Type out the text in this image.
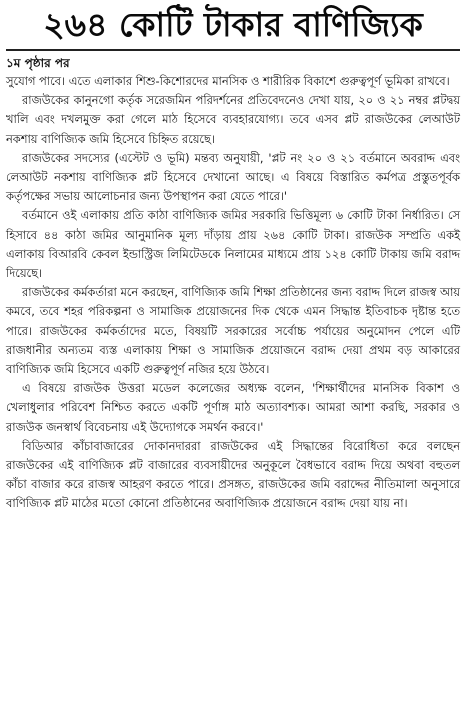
২৬৪ কোটি টাকার বাণিজ্যিক

১ম পৃষ্ঠার পর

সুযোগ পাবে। এতে এলাকার শিশু-কিশোরদের মানসিক ও শারীরিক বিকাশে গুরুত্বপূর্ণ ভূমিকা রাখবে।

রাজউকের কানুনগো কর্তৃক সরেজমিন পরিদর্শনের প্রতিবেদনেও দেখা যায়, ২০ ও ২১ নম্বর প্লটদ্বয় খালি এবং দখলমুক্ত করা গেলে মাঠ হিসেবে ব্যবহারযোগ্য। তবে এসব প্লট রাজউকের লেআউট নকশায় বাণিজ্যিক জমি হিসেবে চিহ্নিত রয়েছে।

রাজউকের সদস্যের (এস্টেট ও ভূমি) মন্তব্য অনুযায়ী, 'প্লট নং ২০ ও ২১ বর্তমানে অবরাদ্দ এবং লেআউট নকশায় বাণিজ্যিক প্লট হিসেবে দেখানো আছে। এ বিষয়ে বিস্তারিত কর্মপত্র প্রস্তুতপূর্বক কর্তৃপক্ষের সভায় আলোচনার জন্য উপস্থাপন করা যেতে পারে।'

বর্তমানে ওই এলাকায় প্রতি কাঠা বাণিজ্যিক জমির সরকারি ভিত্তিমূল্য ৬ কোটি টাকা নির্ধারিত। সে হিসাবে ৪৪ কাঠা জমির আনুমানিক মূল্য দাঁড়ায় প্রায় ২৬৪ কোটি টাকা। রাজউক সম্প্রতি একই এলাকায় বিআরবি কেবল ইন্ডাস্ট্রিজ লিমিটেডকে নিলামের মাধ্যমে প্রায় ১২৪ কোটি টাকায় জমি বরাদ্দ দিয়েছে।

রাজউকের কর্মকর্তারা মনে করছেন, বাণিজ্যিক জমি শিক্ষা প্রতিষ্ঠানের জন্য বরাদ্দ দিলে রাজস্ব আয় কমবে, তবে শহর পরিকল্পনা ও সামাজিক প্রয়োজনের দিক থেকে এমন সিদ্ধান্ত ইতিবাচক দৃষ্টান্ত হতে পারে। রাজউকের কর্মকর্তাদের মতে, বিষয়টি সরকারের সর্বোচ্চ পর্যায়ের অনুমোদন পেলে এটি রাজধানীর অন্যতম ব্যস্ত এলাকায় শিক্ষা ও সামাজিক প্রয়োজনে বরাদ্দ দেয়া প্রথম বড় আকারের বাণিজ্যিক জমি হিসেবে একটি গুরুত্বপূর্ণ নজির হয়ে উঠবে।

এ বিষয়ে রাজউক উত্তরা মডেল কলেজের অধ্যক্ষ বলেন, 'শিক্ষার্থীদের মানসিক বিকাশ ও খেলাধুলার পরিবেশ নিশ্চিত করতে একটি পূর্ণাঙ্গ মাঠ অত্যাবশ্যক। আমরা আশা করছি, সরকার ও রাজউক জনস্বার্থ বিবেচনায় এই উদ্যোগকে সমর্থন করবে।'

বিডিআর কাঁচাবাজারের দোকানদাররা রাজউকের এই সিদ্ধান্তের বিরোধিতা করে বলছেন রাজউকের এই বাণিজ্যিক প্লট বাজারের ব্যবসায়ীদের অনুকূলে বৈধভাবে বরাদ্দ দিয়ে অথবা বহুতল কাঁচা বাজার করে রাজস্ব আহরণ করতে পারে। প্রসঙ্গত, রাজউকের জমি বরাদ্দের নীতিমালা অনুসারে বাণিজ্যিক প্লট মাঠের মতো কোনো প্রতিষ্ঠানের অবাণিজ্যিক প্রয়োজনে বরাদ্দ দেয়া যায় না।
